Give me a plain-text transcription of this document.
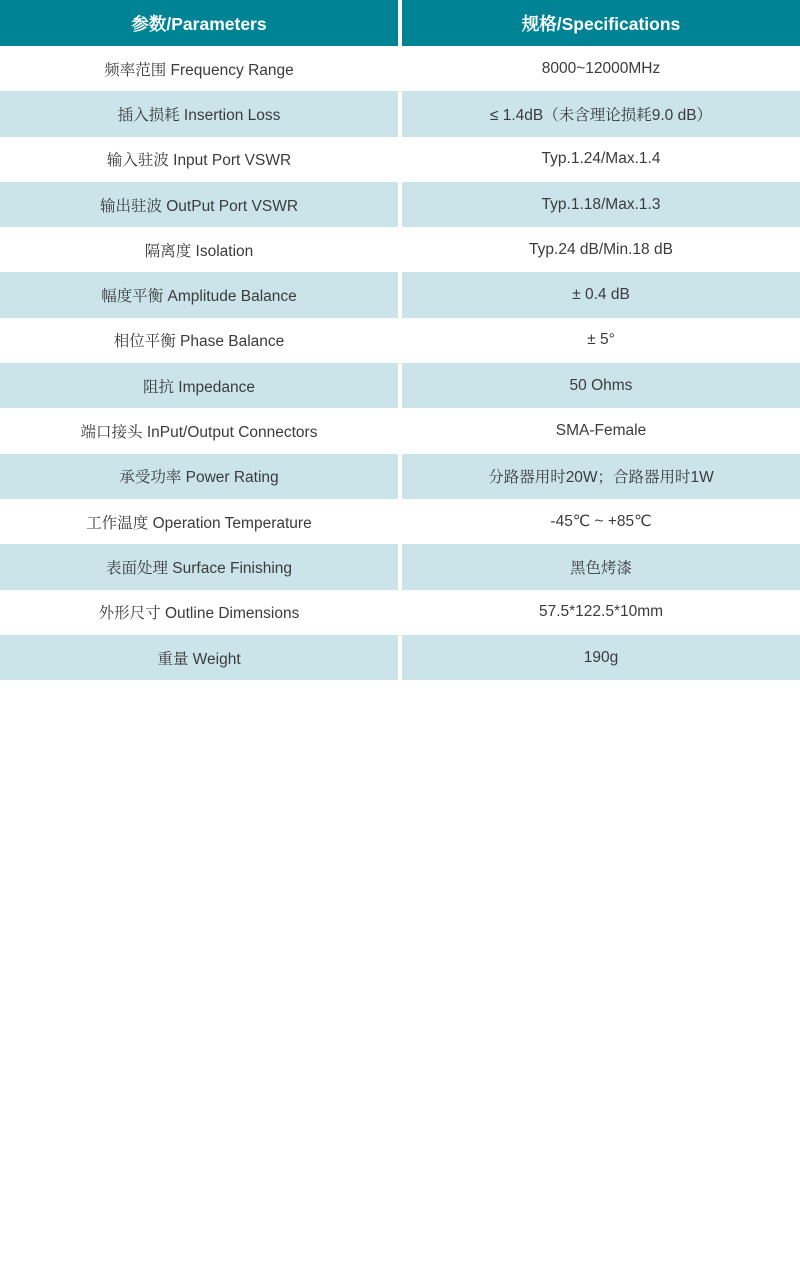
参数/Parameters	规格/Specifications
频率范围 Frequency Range	8000~12000MHz
插入损耗 Insertion Loss	≤ 1.4dB（未含理论损耗9.0 dB）
输入驻波 Input Port VSWR	Typ.1.24/Max.1.4
输出驻波 OutPut Port VSWR	Typ.1.18/Max.1.3
隔离度 Isolation	Typ.24 dB/Min.18 dB
幅度平衡 Amplitude Balance	± 0.4 dB
相位平衡 Phase Balance	± 5°
阻抗 Impedance	50 Ohms
端口接头 InPut/Output Connectors	SMA-Female
承受功率 Power Rating	分路器用时20W；合路器用时1W
工作温度 Operation Temperature	-45℃ ~ +85℃
表面处理 Surface Finishing	黑色烤漆
外形尺寸 Outline Dimensions	57.5*122.5*10mm
重量 Weight	190g
